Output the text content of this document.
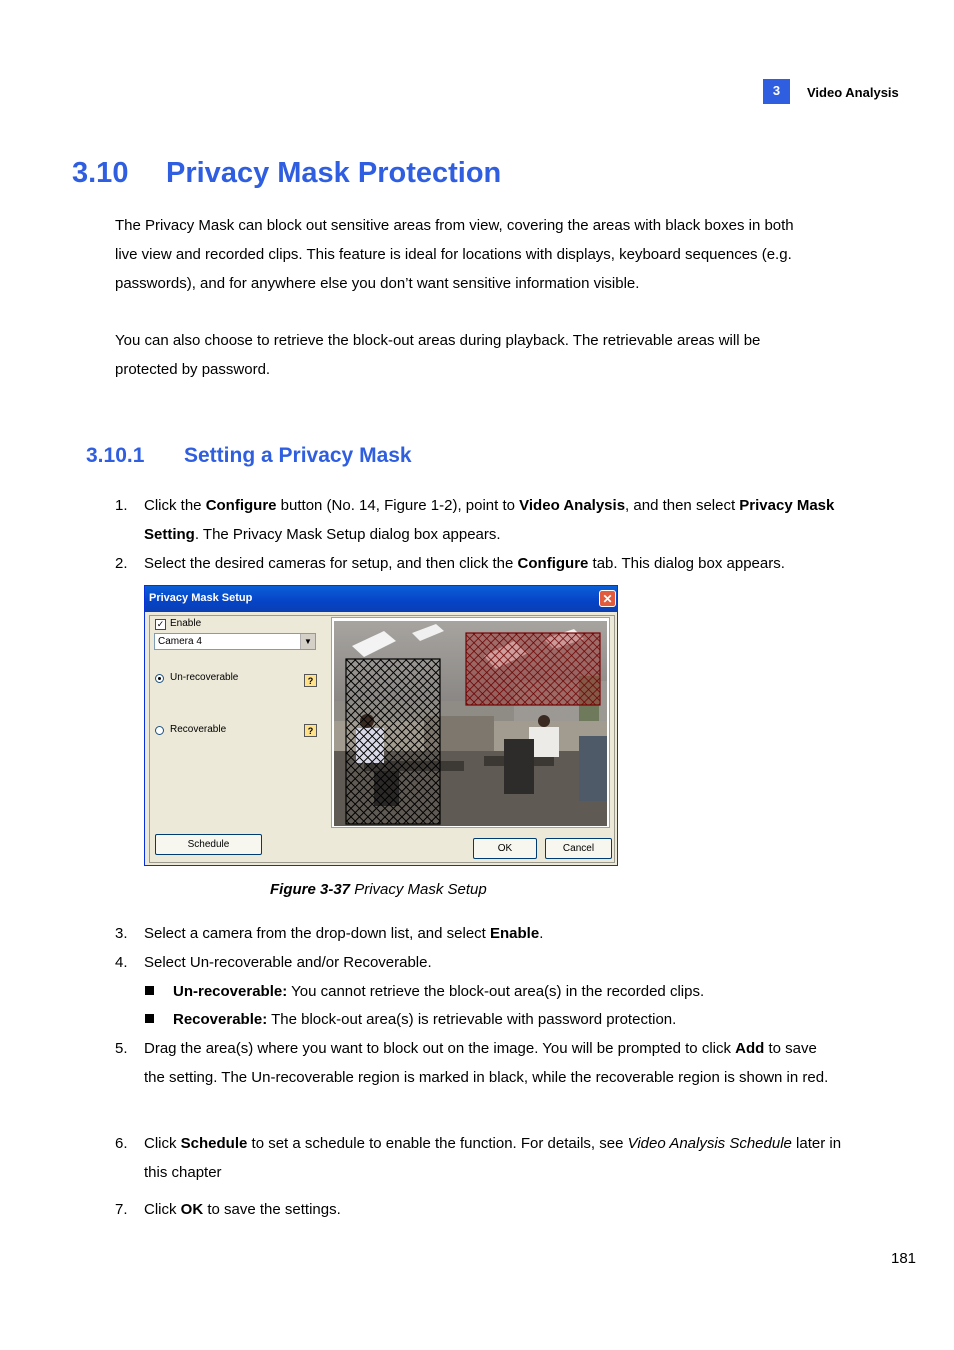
3	Video Analysis
3.10 Privacy Mask Protection
The Privacy Mask can block out sensitive areas from view, covering the areas with black boxes in both
live view and recorded clips. This feature is ideal for locations with displays, keyboard sequences (e.g.
passwords), and for anywhere else you don’t want sensitive information visible.
You can also choose to retrieve the block-out areas during playback. The retrievable areas will be
protected by password.
3.10.1 Setting a Privacy Mask
1. Click the Configure button (No. 14, Figure 1-2), point to Video Analysis, and then select Privacy Mask Setting. The Privacy Mask Setup dialog box appears.
2. Select the desired cameras for setup, and then click the Configure tab. This dialog box appears.
Privacy Mask Setup	✕
✓ Enable
Camera 4	▼
Un-recoverable	?
Recoverable	?
Schedule	OK	Cancel
Figure 3-37 Privacy Mask Setup
3. Select a camera from the drop-down list, and select Enable.
4. Select Un-recoverable and/or Recoverable.
Un-recoverable: You cannot retrieve the block-out area(s) in the recorded clips.
Recoverable: The block-out area(s) is retrievable with password protection.
5. Drag the area(s) where you want to block out on the image. You will be prompted to click Add to save the setting. The Un-recoverable region is marked in black, while the recoverable region is shown in red.
6. Click Schedule to set a schedule to enable the function. For details, see Video Analysis Schedule later in this chapter
7. Click OK to save the settings.
181
